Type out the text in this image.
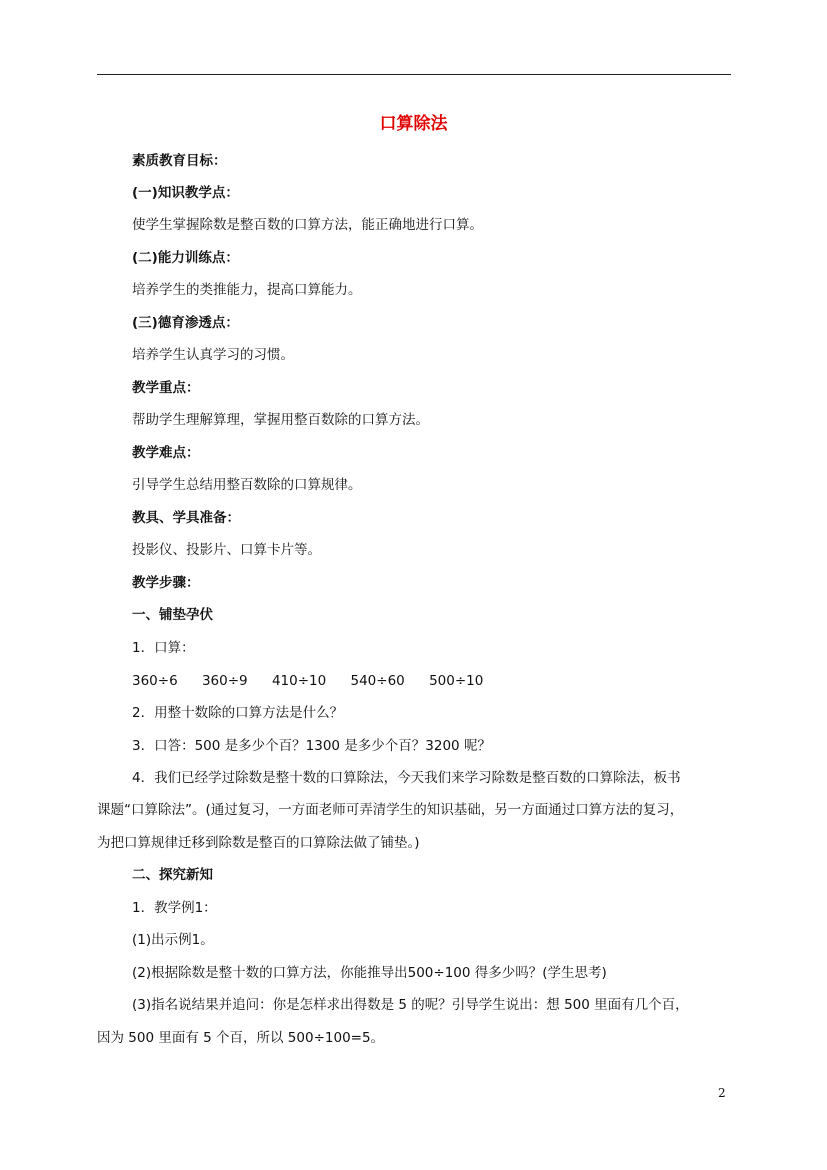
口算除法
素质教育目标：
(一)知识教学点：
使学生掌握除数是整百数的口算方法，能正确地进行口算。
(二)能力训练点：
培养学生的类推能力，提高口算能力。
(三)德育渗透点：
培养学生认真学习的习惯。
教学重点：
帮助学生理解算理，掌握用整百数除的口算方法。
教学难点：
引导学生总结用整百数除的口算规律。
教具、学具准备：
投影仪、投影片、口算卡片等。
教学步骤：
一、铺垫孕伏
1．口算：
360÷6 360÷9 410÷10 540÷60 500÷10
2．用整十数除的口算方法是什么？
3．口答：500 是多少个百？1300 是多少个百？3200 呢？
4．我们已经学过除数是整十数的口算除法，今天我们来学习除数是整百数的口算除法，板书
课题“口算除法”。(通过复习，一方面老师可弄清学生的知识基础，另一方面通过口算方法的复习，
为把口算规律迁移到除数是整百的口算除法做了铺垫。)
二、探究新知
1．教学例1：
(1)出示例1。
(2)根据除数是整十数的口算方法，你能推导出500÷100 得多少吗？(学生思考)
(3)指名说结果并追问：你是怎样求出得数是 5 的呢？引导学生说出：想 500 里面有几个百，
因为 500 里面有 5 个百，所以 500÷100=5。
2
